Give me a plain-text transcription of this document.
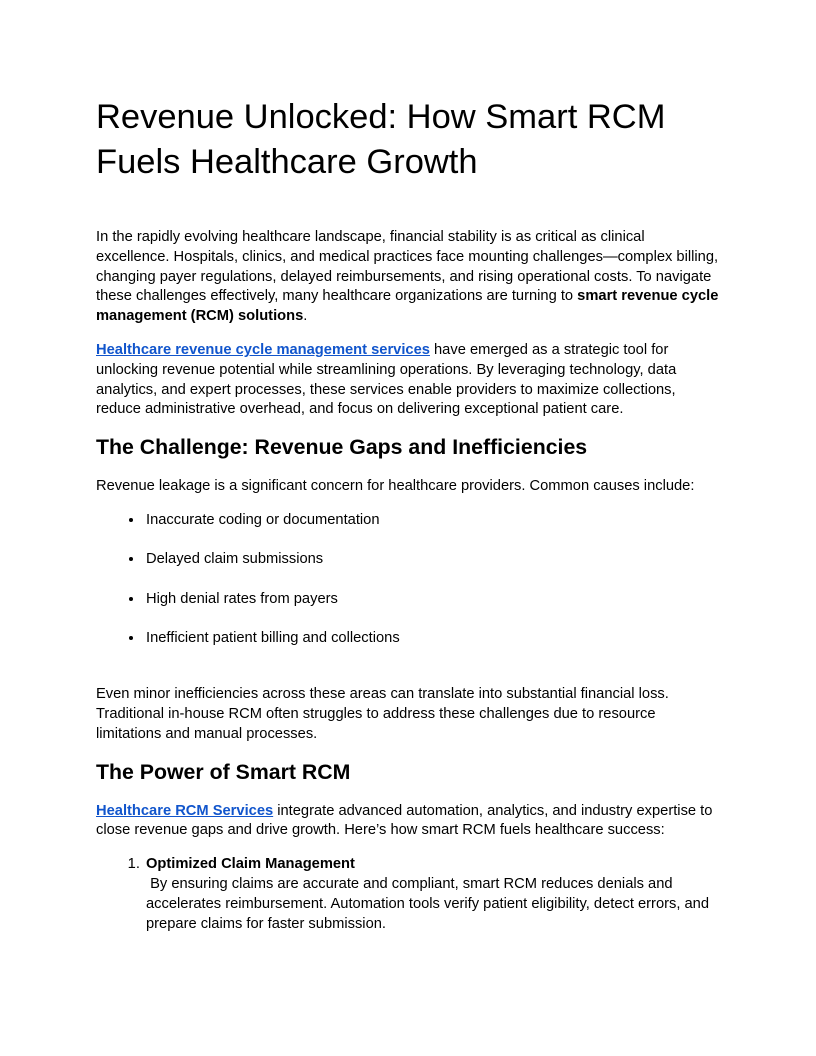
Revenue Unlocked: How Smart RCM Fuels Healthcare Growth

In the rapidly evolving healthcare landscape, financial stability is as critical as clinical excellence. Hospitals, clinics, and medical practices face mounting challenges—complex billing, changing payer regulations, delayed reimbursements, and rising operational costs. To navigate these challenges effectively, many healthcare organizations are turning to smart revenue cycle management (RCM) solutions.

Healthcare revenue cycle management services have emerged as a strategic tool for unlocking revenue potential while streamlining operations. By leveraging technology, data analytics, and expert processes, these services enable providers to maximize collections, reduce administrative overhead, and focus on delivering exceptional patient care.

The Challenge: Revenue Gaps and Inefficiencies

Revenue leakage is a significant concern for healthcare providers. Common causes include:

• Inaccurate coding or documentation
• Delayed claim submissions
• High denial rates from payers
• Inefficient patient billing and collections

Even minor inefficiencies across these areas can translate into substantial financial loss. Traditional in-house RCM often struggles to address these challenges due to resource limitations and manual processes.

The Power of Smart RCM

Healthcare RCM Services integrate advanced automation, analytics, and industry expertise to close revenue gaps and drive growth. Here’s how smart RCM fuels healthcare success:

1. Optimized Claim Management
By ensuring claims are accurate and compliant, smart RCM reduces denials and accelerates reimbursement. Automation tools verify patient eligibility, detect errors, and prepare claims for faster submission.
